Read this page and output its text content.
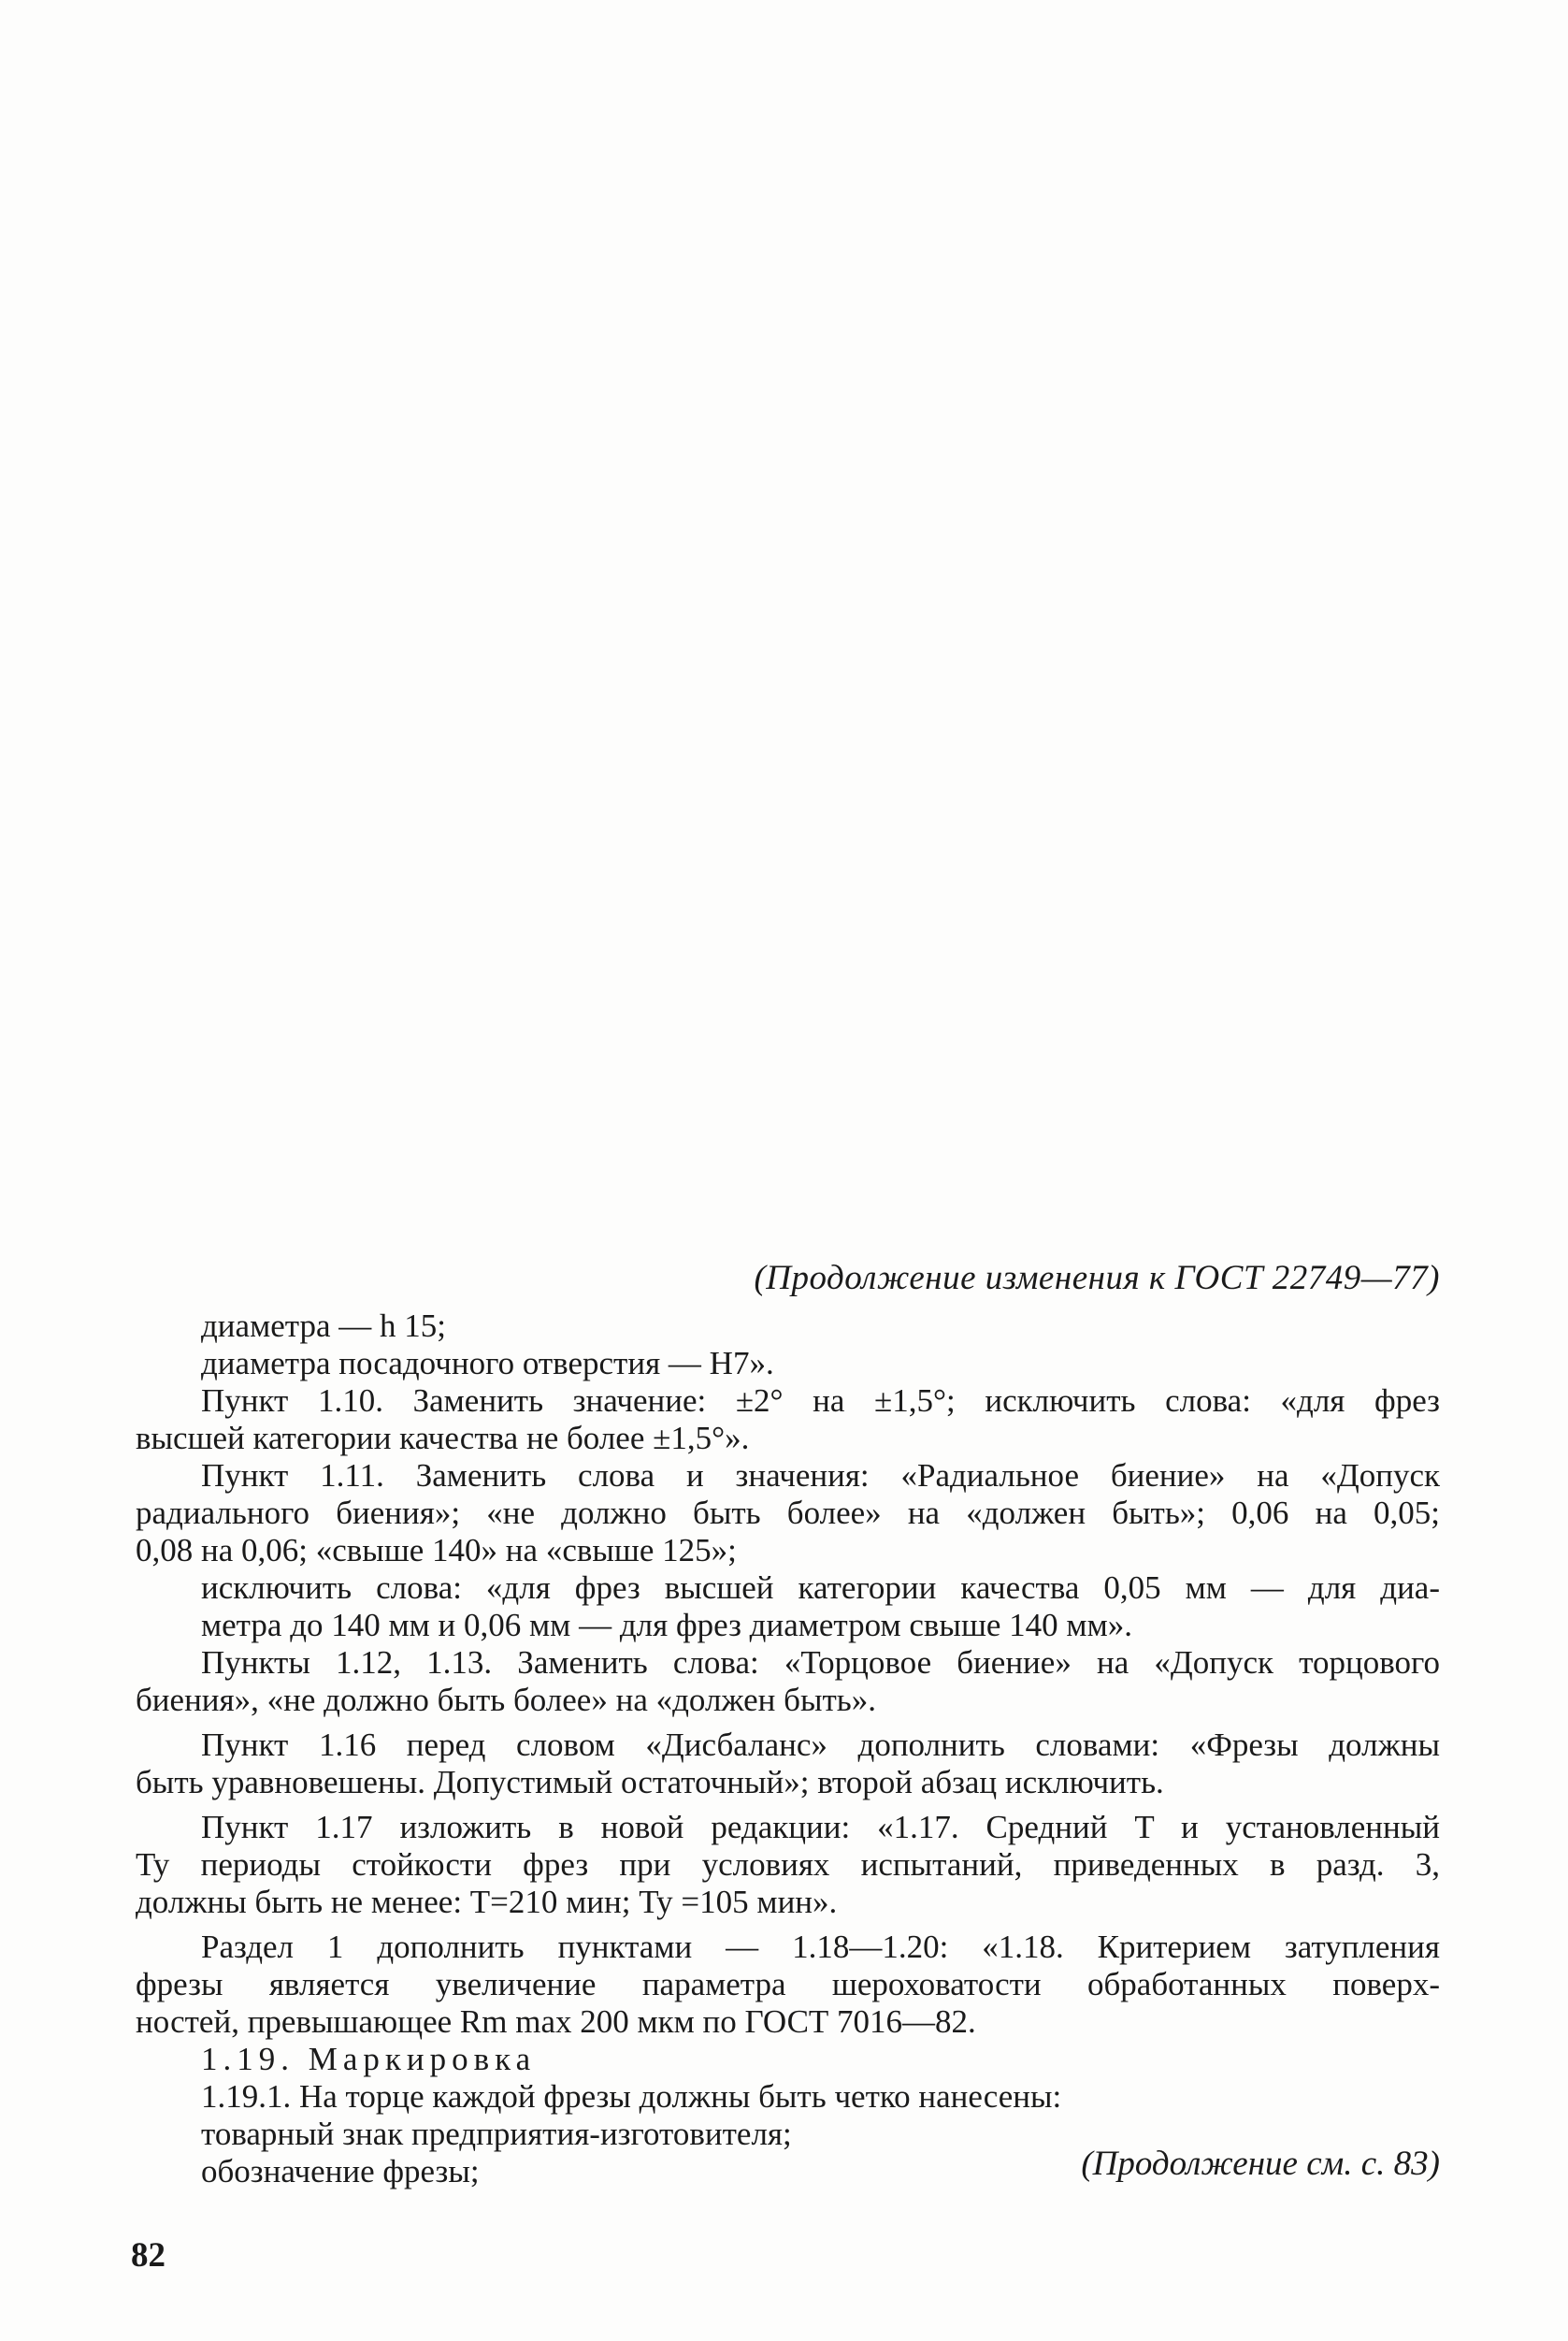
(Продолжение изменения к ГОСТ 22749—77)
диаметра — h 15;
диаметра посадочного отверстия — Н7».
Пункт 1.10. Заменить значение: ±2° на ±1,5°; исключить слова: «для фрез
высшей категории качества не более ±1,5°».
Пункт 1.11. Заменить слова и значения: «Радиальное биение» на «Допуск
радиального биения»; «не должно быть более» на «должен быть»; 0,06 на 0,05;
0,08 на 0,06; «свыше 140» на «свыше 125»;
исключить слова: «для фрез высшей категории качества 0,05 мм — для диа-
метра до 140 мм и 0,06 мм — для фрез диаметром свыше 140 мм».
Пункты 1.12, 1.13. Заменить слова: «Торцовое биение» на «Допуск торцового
биения», «не должно быть более» на «должен быть».
Пункт 1.16 перед словом «Дисбаланс» дополнить словами: «Фрезы должны
быть уравновешены. Допустимый остаточный»; второй абзац исключить.
Пункт 1.17 изложить в новой редакции: «1.17. Средний T и установленный
Ty периоды стойкости фрез при условиях испытаний, приведенных в разд. 3,
должны быть не менее: T=210 мин; Ty =105 мин».
Раздел 1 дополнить пунктами — 1.18—1.20: «1.18. Критерием затупления
фрезы является увеличение параметра шероховатости обработанных поверх-
ностей, превышающее Rm max 200 мкм по ГОСТ 7016—82.
1.19. Маркировка
1.19.1. На торце каждой фрезы должны быть четко нанесены:
товарный знак предприятия-изготовителя;
обозначение фрезы;	(Продолжение см. с. 83)
82
